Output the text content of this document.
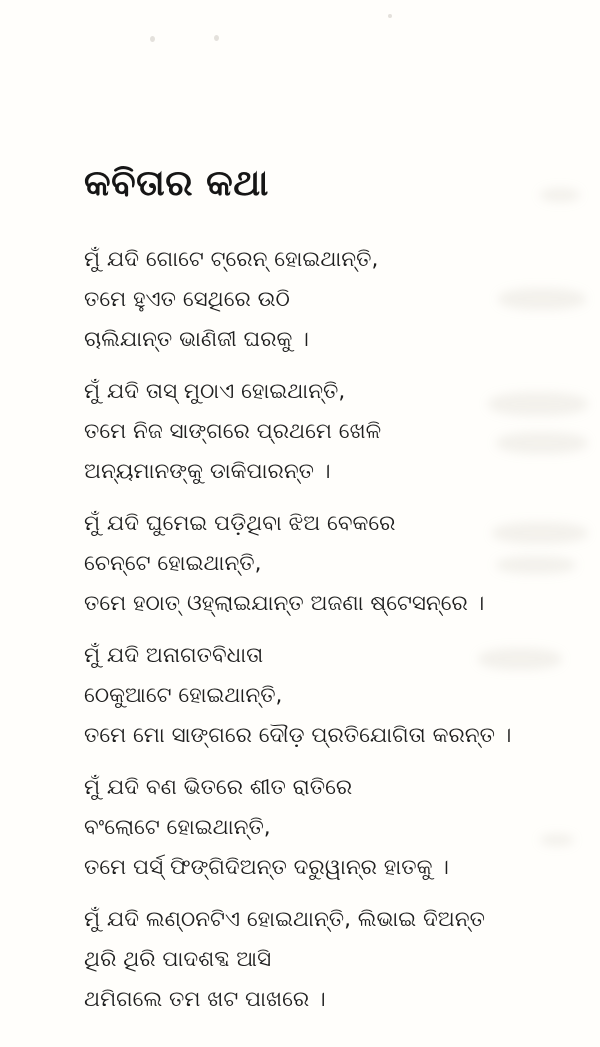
କବିତାର କଥା

ମୁଁ ଯଦି ଗୋଟେ ଟ୍ରେନ୍ ହୋଇଥାନ୍ତି,

ତମେ ହୁଏତ ସେଥିରେ ଉଠି

ଚାଲିଯାନ୍ତ ଭାଣିଜୀ ଘରକୁ ।

ମୁଁ ଯଦି ତାସ୍ ମୁଠାଏ ହୋଇଥାନ୍ତି,

ତମେ ନିଜ ସାଙ୍ଗରେ ପ୍ରଥମେ ଖେଳି

ଅନ୍ୟମାନଙ୍କୁ ଡାକିପାରନ୍ତ ।

ମୁଁ ଯଦି ଘୁମେଇ ପଡ଼ିଥିବା ଝିଅ ବେକରେ

ଚେନ୍‌ଟେ ହୋଇଥାନ୍ତି,

ତମେ ହଠାତ୍ ଓହ୍ଲାଇଯାନ୍ତ ଅଜଣା ଷ୍ଟେସନ୍‌ରେ ।

ମୁଁ ଯଦି ଅନାଗତବିଧାତା

ଠେକୁଆଟେ ହୋଇଥାନ୍ତି,

ତମେ ମୋ ସାଙ୍ଗରେ ଦୌଡ଼ ପ୍ରତିଯୋଗିତା କରନ୍ତ ।

ମୁଁ ଯଦି ବଣ ଭିତରେ ଶୀତ ରାତିରେ

ବଂଲୋଟେ ହୋଇଥାନ୍ତି,

ତମେ ପର୍ସ୍ ଫିଙ୍ଗିଦିଅନ୍ତ ଦରୁୱାନ୍‌ର ହାତକୁ ।

ମୁଁ ଯଦି ଲଣ୍ଠନଟିଏ ହୋଇଥାନ୍ତି, ଲିଭାଇ ଦିଅନ୍ତ

ଥିରି ଥିରି ପାଦଶବ୍ଦ ଆସି

ଥମିଗଲେ ତମ ଖଟ ପାଖରେ ।
